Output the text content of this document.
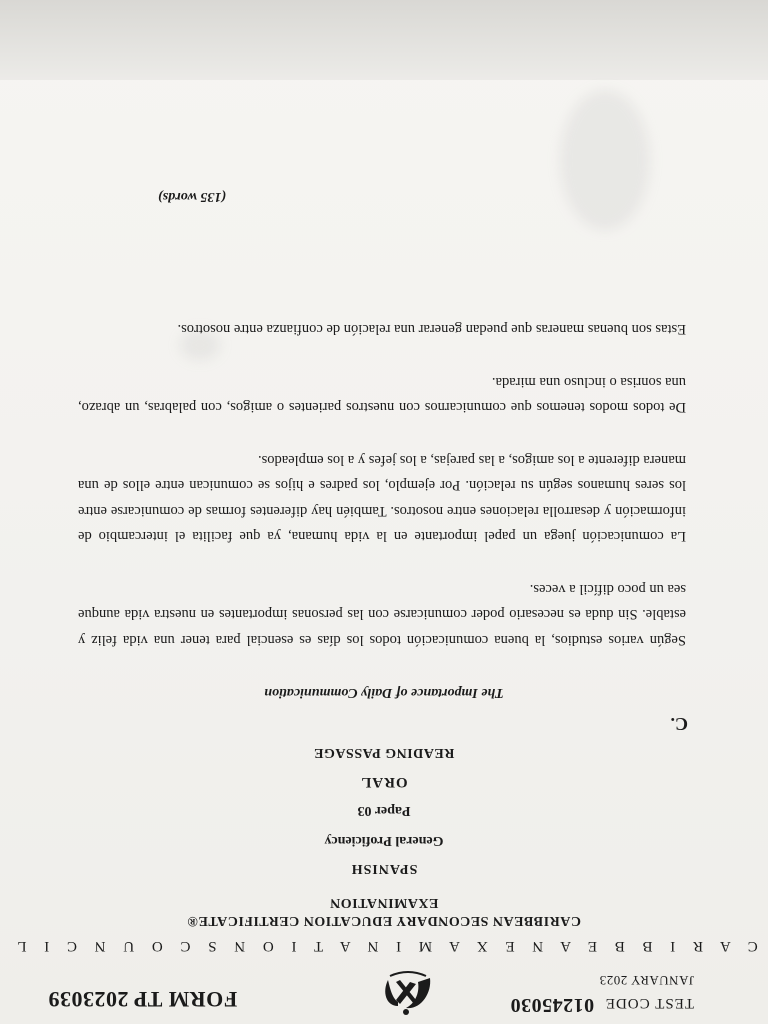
TEST CODE 01245030
JANUARY 2023
FORM TP 2023039
C A R I B B E A N E X A M I N A T I O N S C O U N C I L
CARIBBEAN SECONDARY EDUCATION CERTIFICATE®
EXAMINATION
SPANISH
General Proficiency
Paper 03
ORAL
READING PASSAGE
C.
The Importance of Daily Communication

Según varios estudios, la buena comunicación todos los días es esencial para tener una vida feliz y estable. Sin duda es necesario poder comunicarse con las personas importantes en nuestra vida aunque sea un poco difícil a veces.

La comunicación juega un papel importante en la vida humana, ya que facilita el intercambio de información y desarrolla relaciones entre nosotros. También hay diferentes formas de comunicarse entre los seres humanos según su relación. Por ejemplo, los padres e hijos se comunican entre ellos de una manera diferente a los amigos, a las parejas, a los jefes y a los empleados.

De todos modos tenemos que comunicarnos con nuestros parientes o amigos, con palabras, un abrazo, una sonrisa o incluso una mirada.

Estas son buenas maneras que puedan generar una relación de confianza entre nosotros.

(135 words)
